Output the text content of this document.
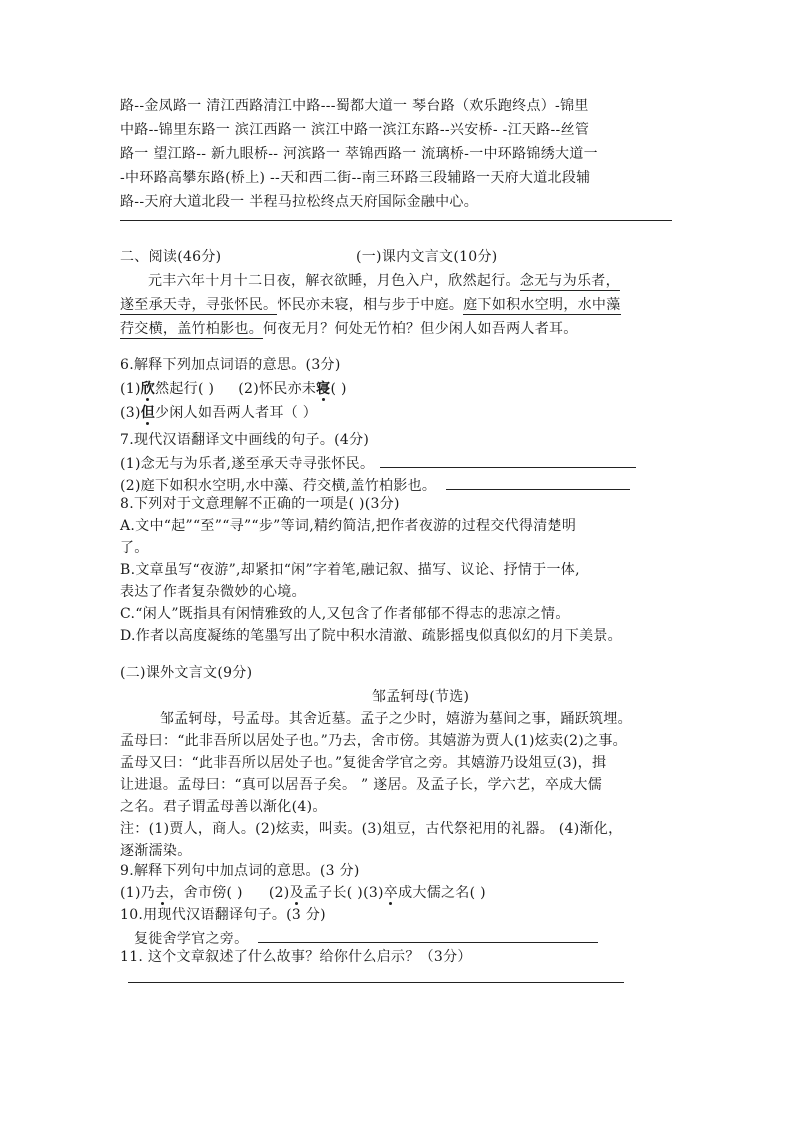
路--金凤路一 清江西路清江中路---蜀都大道一 琴台路（欢乐跑终点）-锦里
中路--锦里东路一 滨江西路一 滨江中路一滨江东路--兴安桥- -江天路--丝管
路一 望江路-- 新九眼桥-- 河滨路一 萃锦西路一 流璃桥-一中环路锦绣大道一
-中环路高攀东路(桥上) --天和西二街--南三环路三段辅路一天府大道北段辅
路--天府大道北段一 半程马拉松终点天府国际金融中心。
二、阅读(46分)	(一)课内文言文(10分)
元丰六年十月十二日夜，解衣欲睡，月色入户，欣然起行。念无与为乐者，
遂至承天寺，寻张怀民。怀民亦未寝，相与步于中庭。庭下如积水空明，水中藻
荇交横，盖竹柏影也。何夜无月？何处无竹柏？但少闲人如吾两人者耳。
6.解释下列加点词语的意思。(3分)
(1)欣然起行( ) (2)怀民亦未寝( )
(3)但少闲人如吾两人者耳（ ）
7.现代汉语翻译文中画线的句子。(4分)
(1)念无与为乐者,遂至承天寺寻张怀民。
(2)庭下如积水空明,水中藻、荇交横,盖竹柏影也。
8.下列对于文意理解不正确的一项是( )(3分)
A.文中“起”“至”“寻”“步”等词,精约简洁,把作者夜游的过程交代得清楚明
了。
B.文章虽写“夜游”,却紧扣“闲”字着笔,融记叙、描写、议论、抒情于一体,
表达了作者复杂微妙的心境。
C.“闲人”既指具有闲情雅致的人,又包含了作者郁郁不得志的悲凉之情。
D.作者以高度凝练的笔墨写出了院中积水清澈、疏影摇曳似真似幻的月下美景。
(二)课外文言文(9分)
邹孟轲母(节选)
邹孟轲母，号孟母。其舍近墓。孟子之少时，嬉游为墓间之事，踊跃筑埋。
孟母曰：“此非吾所以居处子也。”乃去，舍市傍。其嬉游为贾人(1)炫卖(2)之事。
孟母又曰：“此非吾所以居处子也。”复徙舍学官之旁。其嬉游乃设俎豆(3)，揖
让进退。孟母曰：“真可以居吾子矣。 ” 遂居。及孟子长，学六艺，卒成大儒
之名。君子谓孟母善以渐化(4)。
注：(1)贾人，商人。(2)炫卖，叫卖。(3)俎豆，古代祭祀用的礼器。 (4)渐化，
逐渐濡染。
9.解释下列句中加点词的意思。(3 分)
(1)乃去，舍市傍( ) (2)及孟子长( )(3)卒成大儒之名( )
10.用现代汉语翻译句子。(3 分)
复徙舍学官之旁。
11. 这个文章叙述了什么故事？给你什么启示？（3分）
